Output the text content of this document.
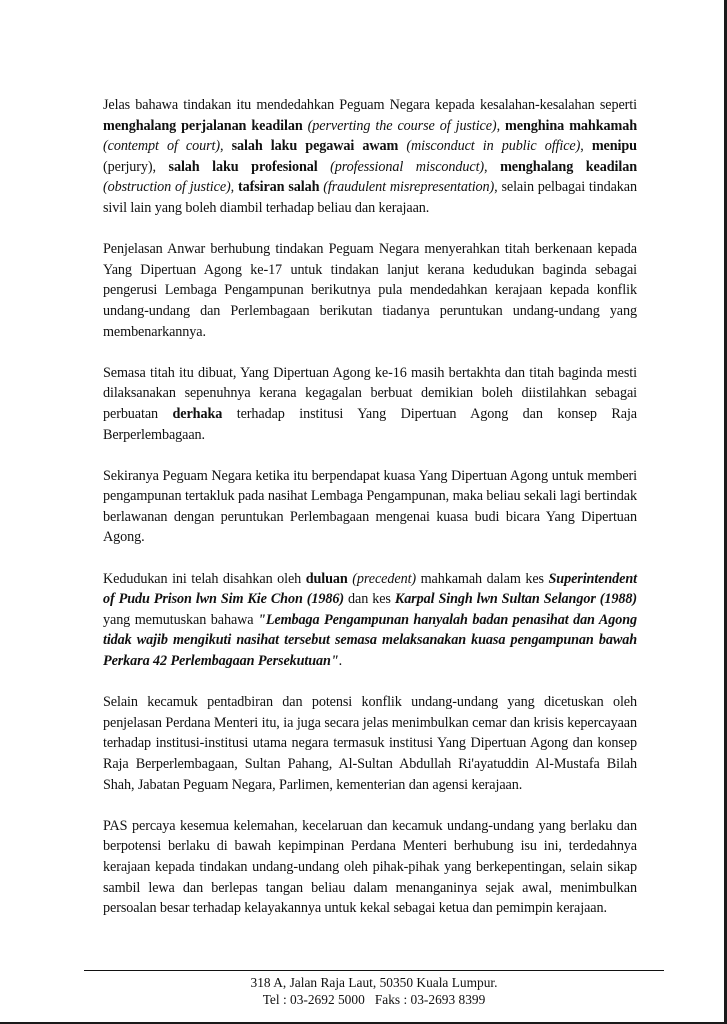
Jelas bahawa tindakan itu mendedahkan Peguam Negara kepada kesalahan-kesalahan seperti menghalang perjalanan keadilan (perverting the course of justice), menghina mahkamah (contempt of court), salah laku pegawai awam (misconduct in public office), menipu (perjury), salah laku profesional (professional misconduct), menghalang keadilan (obstruction of justice), tafsiran salah (fraudulent misrepresentation), selain pelbagai tindakan sivil lain yang boleh diambil terhadap beliau dan kerajaan.

Penjelasan Anwar berhubung tindakan Peguam Negara menyerahkan titah berkenaan kepada Yang Dipertuan Agong ke-17 untuk tindakan lanjut kerana kedudukan baginda sebagai pengerusi Lembaga Pengampunan berikutnya pula mendedahkan kerajaan kepada konflik undang-undang dan Perlembagaan berikutan tiadanya peruntukan undang-undang yang membenarkannya.

Semasa titah itu dibuat, Yang Dipertuan Agong ke-16 masih bertakhta dan titah baginda mesti dilaksanakan sepenuhnya kerana kegagalan berbuat demikian boleh diistilahkan sebagai perbuatan derhaka terhadap institusi Yang Dipertuan Agong dan konsep Raja Berperlembagaan.

Sekiranya Peguam Negara ketika itu berpendapat kuasa Yang Dipertuan Agong untuk memberi pengampunan tertakluk pada nasihat Lembaga Pengampunan, maka beliau sekali lagi bertindak berlawanan dengan peruntukan Perlembagaan mengenai kuasa budi bicara Yang Dipertuan Agong.

Kedudukan ini telah disahkan oleh duluan (precedent) mahkamah dalam kes Superintendent of Pudu Prison lwn Sim Kie Chon (1986) dan kes Karpal Singh lwn Sultan Selangor (1988) yang memutuskan bahawa "Lembaga Pengampunan hanyalah badan penasihat dan Agong tidak wajib mengikuti nasihat tersebut semasa melaksanakan kuasa pengampunan bawah Perkara 42 Perlembagaan Persekutuan".

Selain kecamuk pentadbiran dan potensi konflik undang-undang yang dicetuskan oleh penjelasan Perdana Menteri itu, ia juga secara jelas menimbulkan cemar dan krisis kepercayaan terhadap institusi-institusi utama negara termasuk institusi Yang Dipertuan Agong dan konsep Raja Berperlembagaan, Sultan Pahang, Al-Sultan Abdullah Ri'ayatuddin Al-Mustafa Bilah Shah, Jabatan Peguam Negara, Parlimen, kementerian dan agensi kerajaan.

PAS percaya kesemua kelemahan, kecelaruan dan kecamuk undang-undang yang berlaku dan berpotensi berlaku di bawah kepimpinan Perdana Menteri berhubung isu ini, terdedahnya kerajaan kepada tindakan undang-undang oleh pihak-pihak yang berkepentingan, selain sikap sambil lewa dan berlepas tangan beliau dalam menanganinya sejak awal, menimbulkan persoalan besar terhadap kelayakannya untuk kekal sebagai ketua dan pemimpin kerajaan.

318 A, Jalan Raja Laut, 50350 Kuala Lumpur.
Tel : 03-2692 5000   Faks : 03-2693 8399
